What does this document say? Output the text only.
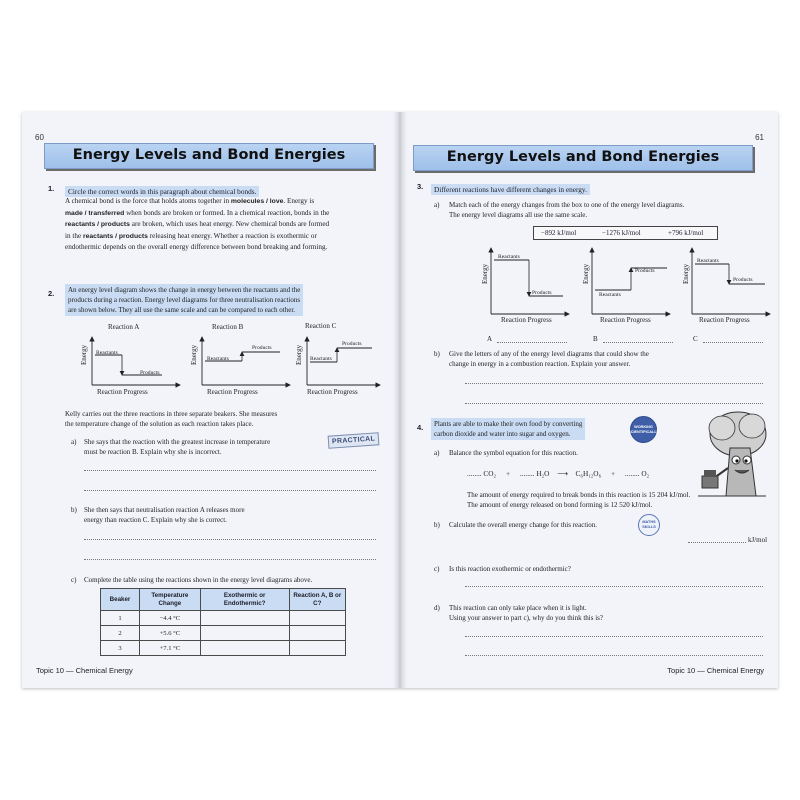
60
Energy Levels and Bond Energies
1.	Circle the correct words in this paragraph about chemical bonds.
A chemical bond is the force that holds atoms together in molecules / love. Energy is
made / transferred when bonds are broken or formed. In a chemical reaction, bonds in the
reactants / products are broken, which uses heat energy. New chemical bonds are formed
in the reactants / products releasing heat energy. Whether a reaction is exothermic or
endothermic depends on the overall energy difference between bond breaking and forming.
2. An energy level diagram shows the change in energy between the reactants and the
products during a reaction. Energy level diagrams for three neutralisation reactions
are shown below. They all use the same scale and can be compared to each other.
Reaction A	Reaction B	Reaction C
Reactants
Products
Reactants
Products
Reactants
Products
Energy	Energy	Energy
Reaction Progress	Reaction Progress	Reaction Progress
Kelly carries out the three reactions in three separate beakers. She measures
the temperature change of the solution as each reaction takes place.
PRACTICAL
a) She says that the reaction with the greatest increase in temperature
must be reaction B. Explain why she is incorrect.
b) She then says that neutralisation reaction A releases more
energy than reaction C. Explain why she is correct.
c) Complete the table using the reactions shown in the energy level diagrams above.
Beaker	Temperature Change	Exothermic or Endothermic?	Reaction A, B or C?
1	−4.4 °C		
2	+5.6 °C		
3	+7.1 °C		
Topic 10 — Chemical Energy
61
Energy Levels and Bond Energies
3.	Different reactions have different changes in energy.
a) Match each of the energy changes from the box to one of the energy level diagrams.
The energy level diagrams all use the same scale.
−892 kJ/mol	−1276 kJ/mol	+796 kJ/mol
Reactants
Products	Reactants
Products
Reactants
Products
Energy	Energy	Energy
Reaction Progress	Reaction Progress	Reaction Progress
A	B	C
b) Give the letters of any of the energy level diagrams that could show the
change in energy in a combustion reaction. Explain your answer.
4. Plants are able to make their own food by converting
carbon dioxide and water into sugar and oxygen.
WORKING SCIENTIFICALLY
a) Balance the symbol equation for this reaction.
........ CO₂ + ........ H₂O ⟶ C₆H₁₂O₆ + ........ O₂
The amount of energy required to break bonds in this reaction is 15 204 kJ/mol.
The amount of energy released on bond forming is 12 520 kJ/mol.
b) Calculate the overall energy change for this reaction.	MATHS SKILLS
kJ/mol
c) Is this reaction exothermic or endothermic?
d) This reaction can only take place when it is light.
Using your answer to part c), why do you think this is?
Topic 10 — Chemical Energy
